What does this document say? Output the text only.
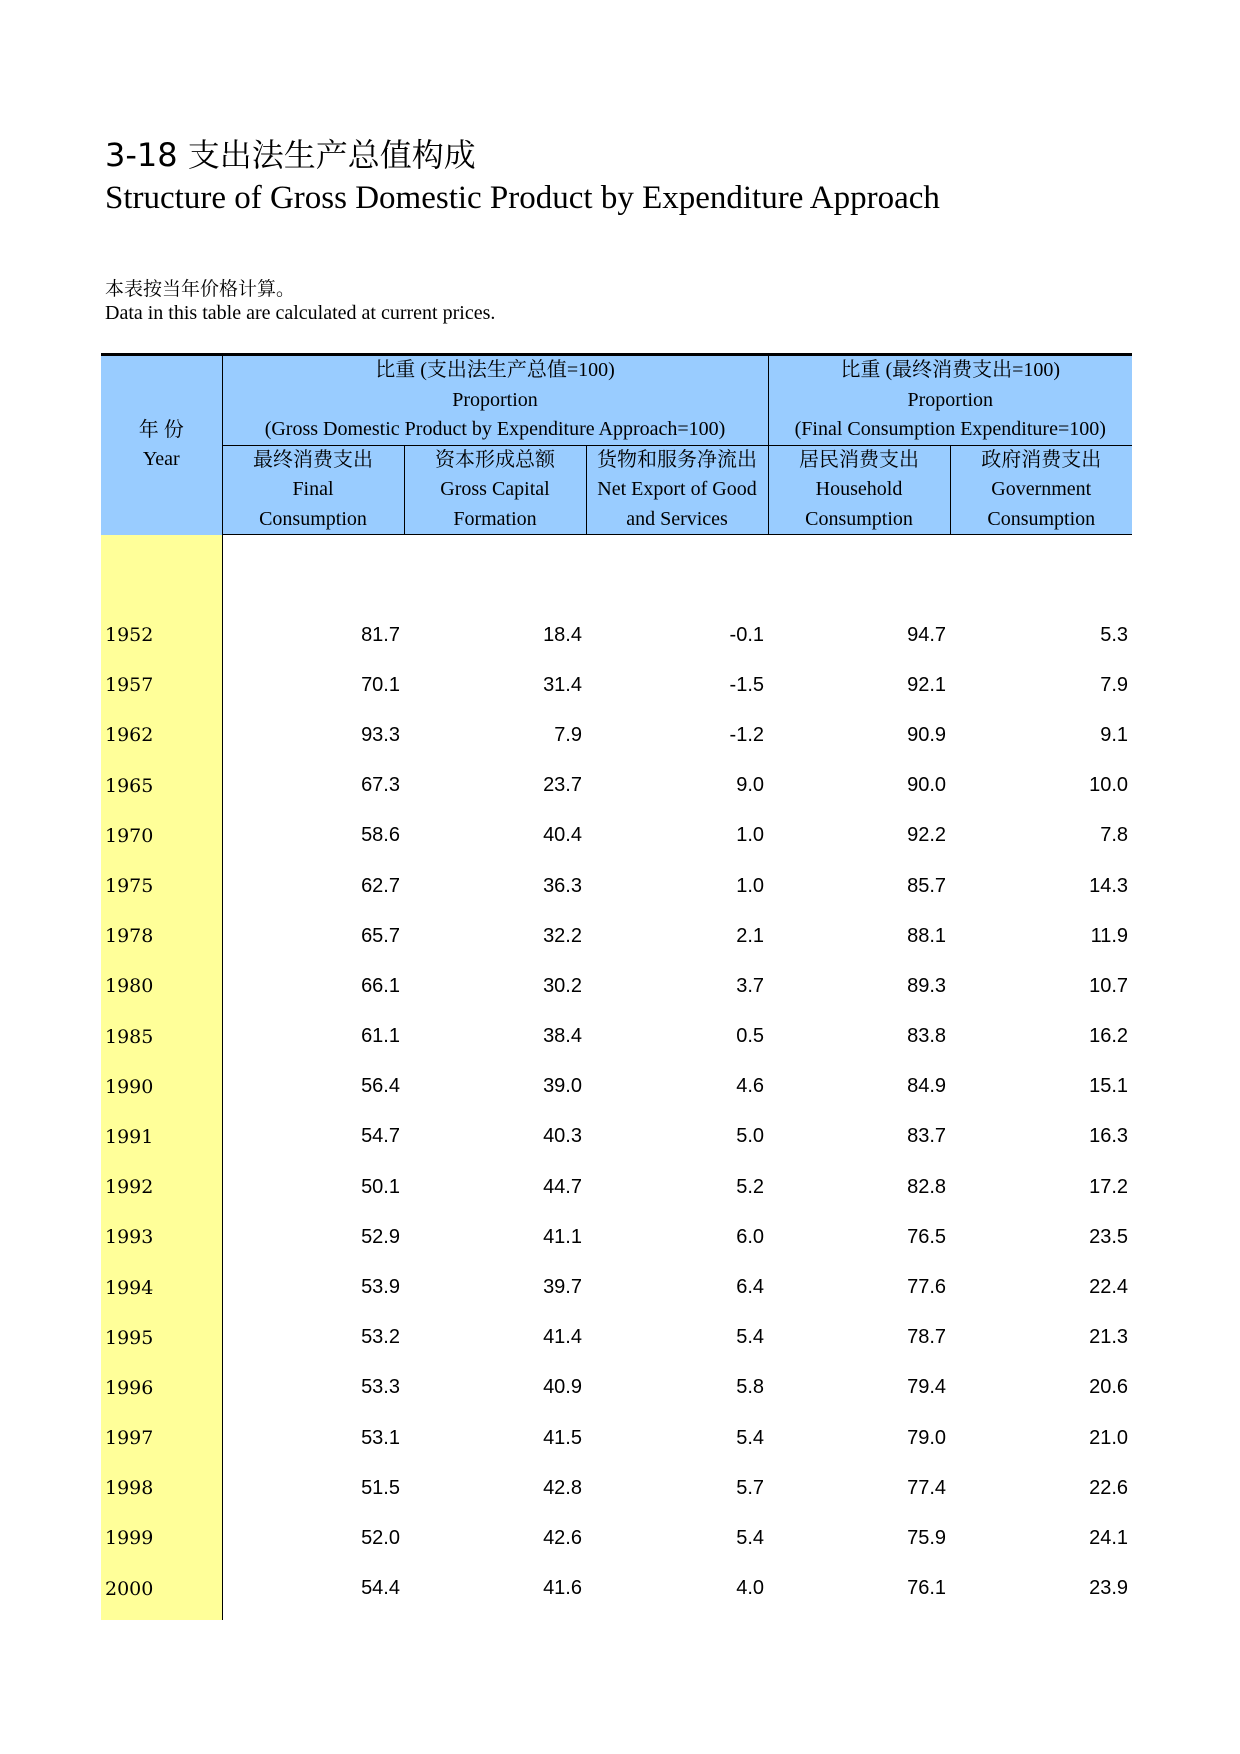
3-18 支出法生产总值构成
Structure of Gross Domestic Product by Expenditure Approach
本表按当年价格计算。
Data in this table are calculated at current prices.
年 份
Year	比重 (支出法生产总值=100)
Proportion
(Gross Domestic Product by Expenditure Approach=100)			比重 (最终消费支出=100)
Proportion
(Final Consumption Expenditure=100)	

	最终消费支出
Final
Consumption	资本形成总额
Gross Capital
Formation	货物和服务净流出
Net Export of Good
and Services	居民消费支出
Household
Consumption	政府消费支出
Government
Consumption

1952	81.7	18.4	-0.1	94.7	5.3
1957	70.1	31.4	-1.5	92.1	7.9
1962	93.3	7.9	-1.2	90.9	9.1
1965	67.3	23.7	9.0	90.0	10.0
1970	58.6	40.4	1.0	92.2	7.8
1975	62.7	36.3	1.0	85.7	14.3
1978	65.7	32.2	2.1	88.1	11.9
1980	66.1	30.2	3.7	89.3	10.7
1985	61.1	38.4	0.5	83.8	16.2
1990	56.4	39.0	4.6	84.9	15.1
1991	54.7	40.3	5.0	83.7	16.3
1992	50.1	44.7	5.2	82.8	17.2
1993	52.9	41.1	6.0	76.5	23.5
1994	53.9	39.7	6.4	77.6	22.4
1995	53.2	41.4	5.4	78.7	21.3
1996	53.3	40.9	5.8	79.4	20.6
1997	53.1	41.5	5.4	79.0	21.0
1998	51.5	42.8	5.7	77.4	22.6
1999	52.0	42.6	5.4	75.9	24.1
2000	54.4	41.6	4.0	76.1	23.9
